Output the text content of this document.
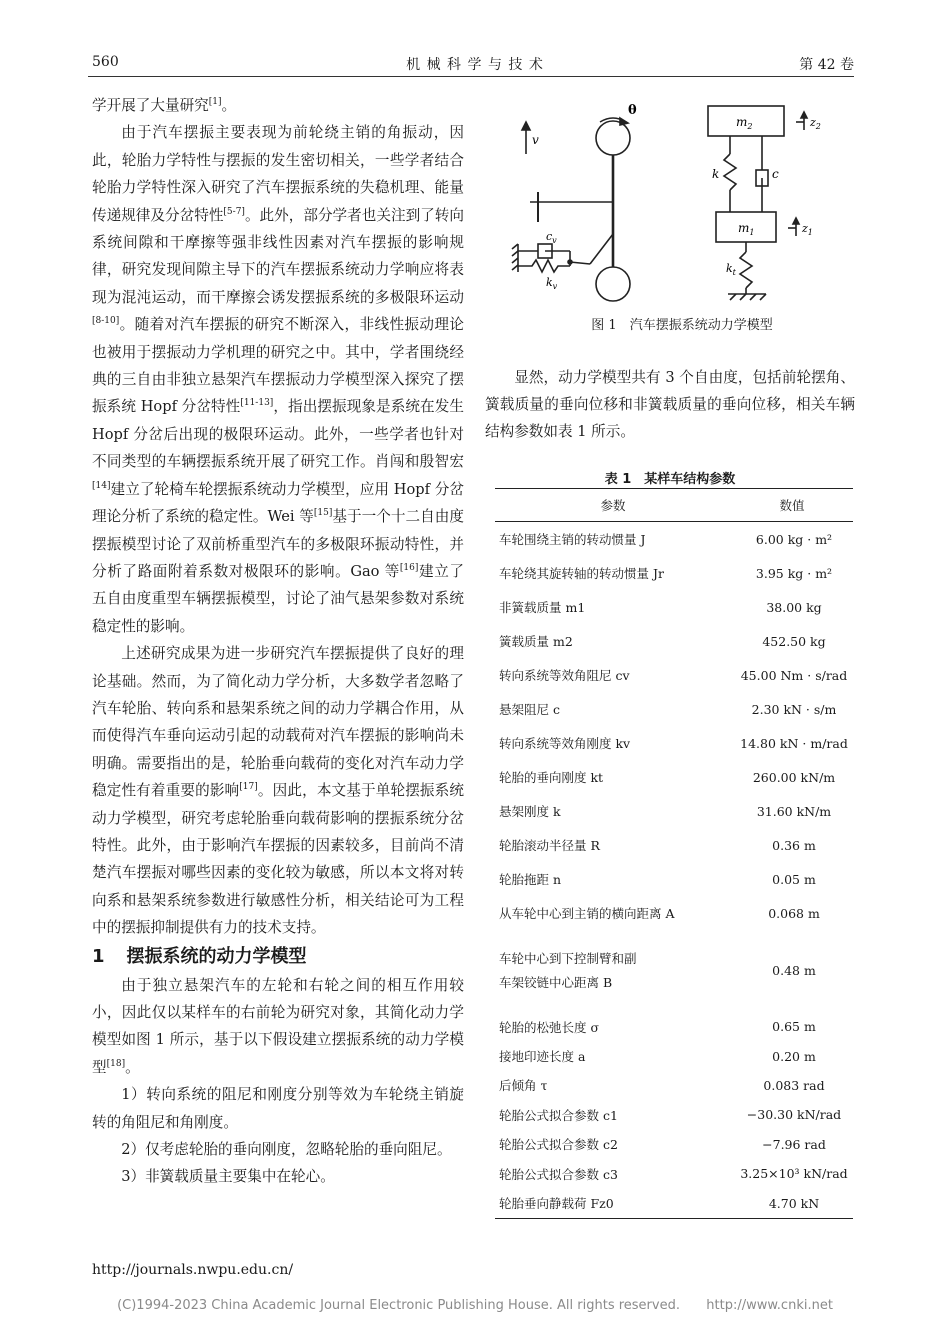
560	机 械 科 学 与 技 术	第 42 卷

学开展了大量研究[1]。

由于汽车摆振主要表现为前轮绕主销的角振动，因此，轮胎力学特性与摆振的发生密切相关，一些学者结合轮胎力学特性深入研究了汽车摆振系统的失稳机理、能量传递规律及分岔特性[5-7]。此外，部分学者也关注到了转向系统间隙和干摩擦等强非线性因素对汽车摆振的影响规律，研究发现间隙主导下的汽车摆振系统动力学响应将表现为混沌运动，而干摩擦会诱发摆振系统的多极限环运动[8-10]。随着对汽车摆振的研究不断深入，非线性振动理论也被用于摆振动力学机理的研究之中。其中，学者围绕经典的三自由非独立悬架汽车摆振动力学模型深入探究了摆振系统 Hopf 分岔特性[11-13]，指出摆振现象是系统在发生 Hopf 分岔后出现的极限环运动。此外，一些学者也针对不同类型的车辆摆振系统开展了研究工作。肖闯和殷智宏[14]建立了轮椅车轮摆振系统动力学模型，应用 Hopf 分岔理论分析了系统的稳定性。Wei 等[15]基于一个十二自由度摆振模型讨论了双前桥重型汽车的多极限环振动特性，并分析了路面附着系数对极限环的影响。Gao 等[16]建立了五自由度重型车辆摆振模型，讨论了油气悬架参数对系统稳定性的影响。

上述研究成果为进一步研究汽车摆振提供了良好的理论基础。然而，为了简化动力学分析，大多数学者忽略了汽车轮胎、转向系和悬架系统之间的动力学耦合作用，从而使得汽车垂向运动引起的动载荷对汽车摆振的影响尚未明确。需要指出的是，轮胎垂向载荷的变化对汽车动力学稳定性有着重要的影响[17]。因此，本文基于单轮摆振系统动力学模型，研究考虑轮胎垂向载荷影响的摆振系统分岔特性。此外，由于影响汽车摆振的因素较多，目前尚不清楚汽车摆振对哪些因素的变化较为敏感，所以本文将对转向系和悬架系统参数进行敏感性分析，相关结论可为工程中的摆振抑制提供有力的技术支持。

1 摆振系统的动力学模型

由于独立悬架汽车的左轮和右轮之间的相互作用较小，因此仅以某样车的右前轮为研究对象，其简化动力学模型如图 1 所示，基于以下假设建立摆振系统的动力学模型[18]。

1）转向系统的阻尼和刚度分别等效为车轮绕主销旋转的角阻尼和角刚度。

2）仅考虑轮胎的垂向刚度，忽略轮胎的垂向阻尼。

3）非簧载质量主要集中在轮心。

v
θ
$c_v$
$k_v$
$m_2$
$m_1$
k	c
$k_t$
$z_2$
$z_1$
图 1　汽车摆振系统动力学模型

显然，动力学模型共有 3 个自由度，包括前轮摆角、簧载质量的垂向位移和非簧载质量的垂向位移，相关车辆结构参数如表 1 所示。

表 1　某样车结构参数
参数	数值
车轮围绕主销的转动惯量 J	6.00 kg · m²
车轮绕其旋转轴的转动惯量 Jr	3.95 kg · m²
非簧载质量 m1	38.00 kg
簧载质量 m2	452.50 kg
转向系统等效角阻尼 cv	45.00 Nm · s/rad
悬架阻尼 c	2.30 kN · s/m
转向系统等效角刚度 kv	14.80 kN · m/rad
轮胎的垂向刚度 kt	260.00 kN/m
悬架刚度 k	31.60 kN/m
轮胎滚动半径量 R	0.36 m
轮胎拖距 n	0.05 m
从车轮中心到主销的横向距离 A	0.068 m
车轮中心到下控制臂和副车架铰链中心距离 B	0.48 m
轮胎的松弛长度 σ	0.65 m
接地印迹长度 a	0.20 m
后倾角 τ	0.083 rad
轮胎公式拟合参数 c1	−30.30 kN/rad
轮胎公式拟合参数 c2	−7.96 rad
轮胎公式拟合参数 c3	3.25×10³ kN/rad
轮胎垂向静载荷 Fz0	4.70 kN
http://journals.nwpu.edu.cn/
(C)1994-2023 China Academic Journal Electronic Publishing House. All rights reserved. http://www.cnki.net
